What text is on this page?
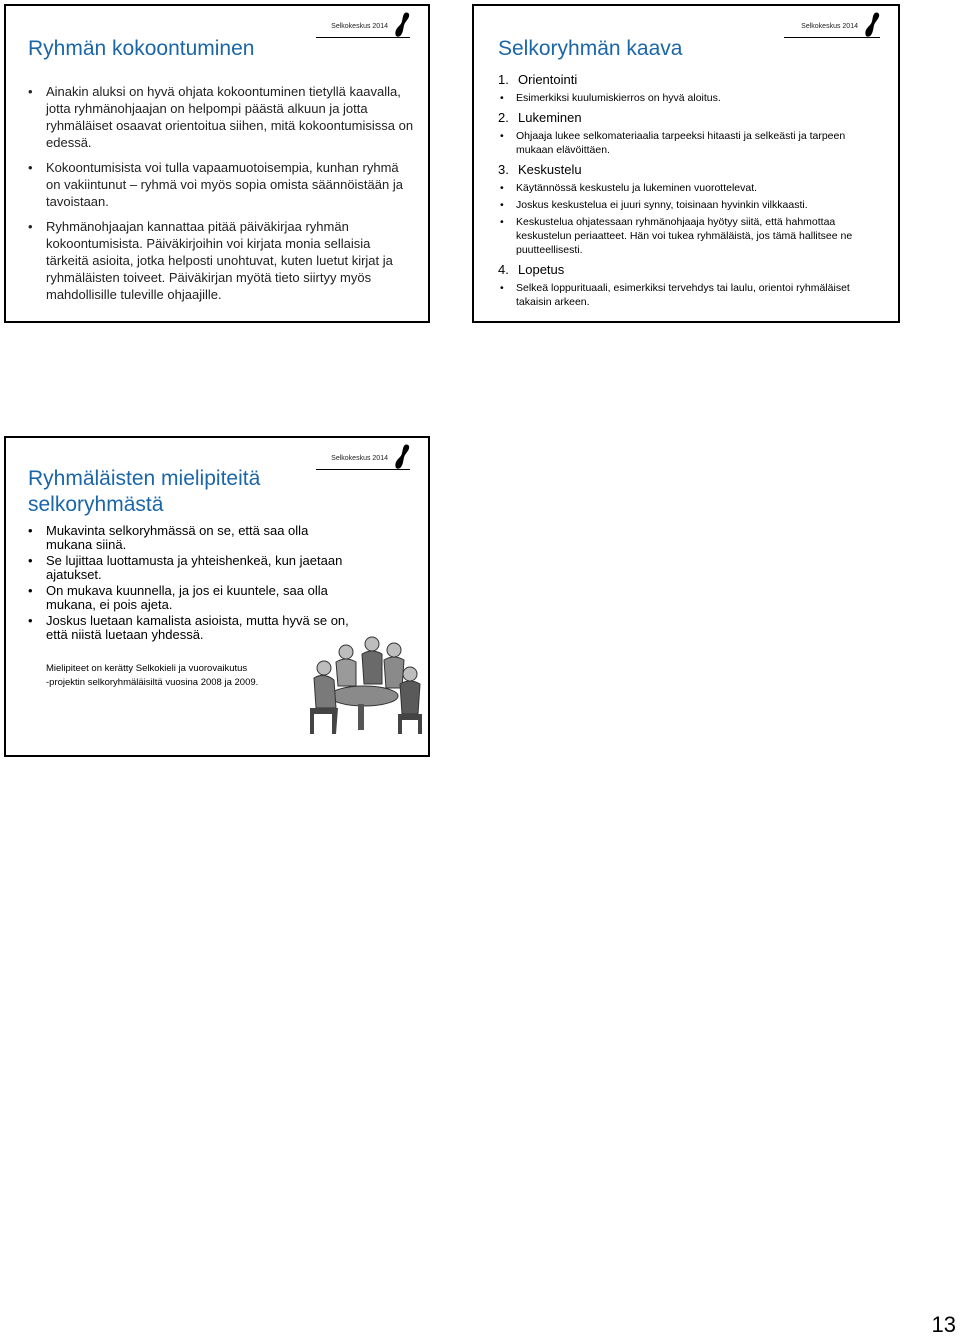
Selkokeskus 2014
Ryhmän kokoontuminen
• Ainakin aluksi on hyvä ohjata kokoontuminen tietyllä kaavalla, jotta ryhmänohjaajan on helpompi päästä alkuun ja jotta ryhmäläiset osaavat orientoitua siihen, mitä kokoontumisissa on edessä.
• Kokoontumisista voi tulla vapaamuotoisempia, kunhan ryhmä on vakiintunut – ryhmä voi myös sopia omista säännöistään ja tavoistaan.
• Ryhmänohjaajan kannattaa pitää päiväkirjaa ryhmän kokoontumisista. Päiväkirjoihin voi kirjata monia sellaisia tärkeitä asioita, jotka helposti unohtuvat, kuten luetut kirjat ja ryhmäläisten toiveet. Päiväkirjan myötä tieto siirtyy myös mahdollisille tuleville ohjaajille.
Selkokeskus 2014
Selkoryhmän kaava
1. Orientointi
• Esimerkiksi kuulumiskierros on hyvä aloitus.
2. Lukeminen
• Ohjaaja lukee selkomateriaalia tarpeeksi hitaasti ja selkeästi ja tarpeen mukaan elävöittäen.
3. Keskustelu
• Käytännössä keskustelu ja lukeminen vuorottelevat.
• Joskus keskustelua ei juuri synny, toisinaan hyvinkin vilkkaasti.
• Keskustelua ohjatessaan ryhmänohjaaja hyötyy siitä, että hahmottaa keskustelun periaatteet. Hän voi tukea ryhmäläistä, jos tämä hallitsee ne puutteellisesti.
4. Lopetus
• Selkeä loppurituaali, esimerkiksi tervehdys tai laulu, orientoi ryhmäläiset takaisin arkeen.
Selkokeskus 2014
Ryhmäläisten mielipiteitä selkoryhmästä
• Mukavinta selkoryhmässä on se, että saa olla mukana siinä.
• Se lujittaa luottamusta ja yhteishenkeä, kun jaetaan ajatukset.
• On mukava kuunnella, ja jos ei kuuntele, saa olla mukana, ei pois ajeta.
• Joskus luetaan kamalista asioista, mutta hyvä se on, että niistä luetaan yhdessä.
Mielipiteet on kerätty Selkokieli ja vuorovaikutus
-projektin selkoryhmäläisiltä vuosina 2008 ja 2009.
13
